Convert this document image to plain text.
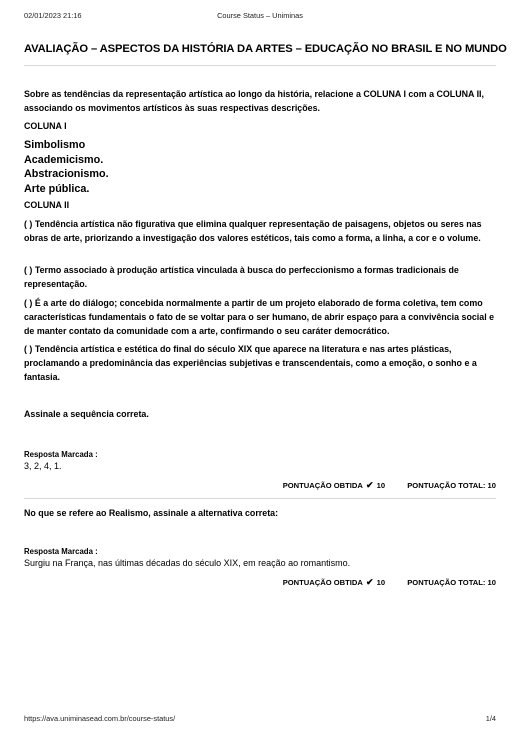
02/01/2023 21:16	Course Status – Uniminas
AVALIAÇÃO – ASPECTOS DA HISTÓRIA DA ARTES – EDUCAÇÃO NO BRASIL E NO MUNDO
Sobre as tendências da representação artística ao longo da história, relacione a COLUNA I com a COLUNA II, associando os movimentos artísticos às suas respectivas descrições.
COLUNA I
Simbolismo
Academicismo.
Abstracionismo.
Arte pública.
COLUNA II
( ) Tendência artística não figurativa que elimina qualquer representação de paisagens, objetos ou seres nas obras de arte, priorizando a investigação dos valores estéticos, tais como a forma, a linha, a cor e o volume.
( ) Termo associado à produção artística vinculada à busca do perfeccionismo a formas tradicionais de representação.
( ) É a arte do diálogo; concebida normalmente a partir de um projeto elaborado de forma coletiva, tem como características fundamentais o fato de se voltar para o ser humano, de abrir espaço para a convivência social e de manter contato da comunidade com a arte, confirmando o seu caráter democrático.
( ) Tendência artística e estética do final do século XIX que aparece na literatura e nas artes plásticas, proclamando a predominância das experiências subjetivas e transcendentais, como a emoção, o sonho e a fantasia.
Assinale a sequência correta.
Resposta Marcada :
3, 2, 4, 1.
PONTUAÇÃO OBTIDA ✔ 10	PONTUAÇÃO TOTAL: 10
No que se refere ao Realismo, assinale a alternativa correta:
Resposta Marcada :
Surgiu na França, nas últimas décadas do século XIX, em reação ao romantismo.
PONTUAÇÃO OBTIDA ✔ 10	PONTUAÇÃO TOTAL: 10
https://ava.uniminasead.com.br/course-status/	1/4
